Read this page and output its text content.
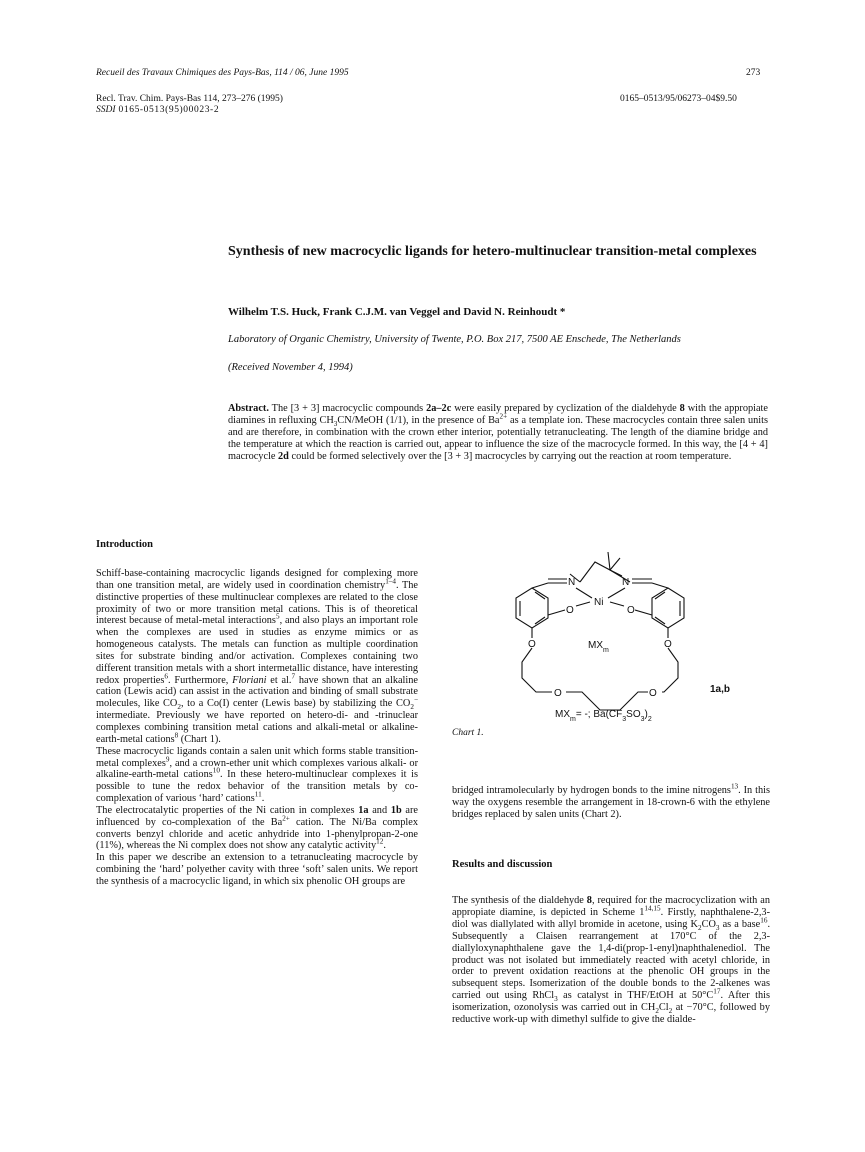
Recueil des Travaux Chimiques des Pays-Bas, 114 / 06, June 1995	273
Recl. Trav. Chim. Pays-Bas 114, 273–276 (1995)
SSDI 0165-0513(95)00023-2
0165–0513/95/06273–04$9.50
Synthesis of new macrocyclic ligands for hetero-multinuclear transition-metal complexes
Wilhelm T.S. Huck, Frank C.J.M. van Veggel and David N. Reinhoudt *
Laboratory of Organic Chemistry, University of Twente, P.O. Box 217, 7500 AE Enschede, The Netherlands
(Received November 4, 1994)
Abstract. The [3 + 3] macrocyclic compounds 2a–2c were easily prepared by cyclization of the dialdehyde 8 with the appropiate diamines in refluxing $CH_3CN$/MeOH (1/1), in the presence of $Ba^{2+}$ as a template ion. These macrocycles contain three salen units and are therefore, in combination with the crown ether interior, potentially tetranucleating. The length of the diamine bridge and the temperature at which the reaction is carried out, appear to influence the size of the macrocycle formed. In this way, the [4 + 4] macrocycle 2d could be formed selectively over the [3 + 3] macrocycles by carrying out the reaction at room temperature.
Introduction

Schiff-base-containing macrocyclic ligands designed for complexing more than one transition metal, are widely used in coordination chemistry$^{1-4}$. The distinctive properties of these multinuclear complexes are related to the close proximity of two or more transition metal cations. This is of theoretical interest because of metal-metal interactions$^5$, and also plays an important role when the complexes are used in studies as enzyme mimics or as homogeneous catalysts. The metals can function as multiple coordination sites for substrate binding and/or activation. Complexes containing two different transition metals with a short intermetallic distance, have interesting redox properties$^6$. Furthermore, Floriani et al.$^7$ have shown that an alkaline cation (Lewis acid) can assist in the activation and binding of small substrate molecules, like $CO_2$, to a Co(I) center (Lewis base) by stabilizing the $CO_2^-$ intermediate. Previously we have reported on hetero-di- and -trinuclear complexes combining transition metal cations and alkali-metal or alkaline-earth-metal cations$^8$ (Chart 1).

These macrocyclic ligands contain a salen unit which forms stable transition-metal complexes$^9$, and a crown-ether unit which complexes various alkali- or alkaline-earth-metal cations$^{10}$. In these hetero-multinuclear complexes it is possible to tune the redox behavior of the transition metals by co-complexation of various ‘hard’ cations$^{11}$.

The electrocatalytic properties of the Ni cation in complexes 1a and 1b are influenced by co-complexation of the $Ba^{2+}$ cation. The Ni/Ba complex converts benzyl chloride and acetic anhydride into 1-phenylpropan-2-one (11%), whereas the Ni complex does not show any catalytic activity$^{12}$.

In this paper we describe an extension to a tetranucleating macrocycle by combining the ‘hard’ polyether cavity with three ‘soft’ salen units. We report the synthesis of a macrocyclic ligand, in which six phenolic OH groups are

N	N
Ni
O	O
O	O
O	O
$MX_m$
1a,b
$MX_m=$ -; $Ba(CF_3SO_3)_2$
Chart 1.

bridged intramolecularly by hydrogen bonds to the imine nitrogens$^{13}$. In this way the oxygens resemble the arrangement in 18-crown-6 with the ethylene bridges replaced by salen units (Chart 2).

Results and discussion

The synthesis of the dialdehyde 8, required for the macrocyclization with an appropiate diamine, is depicted in Scheme 1$^{14,15}$. Firstly, naphthalene-2,3-diol was diallylated with allyl bromide in acetone, using $K_2CO_3$ as a base$^{16}$. Subsequently a Claisen rearrangement at 170°C of the 2,3-diallyloxynaphthalene gave the 1,4-di(prop-1-enyl)naphthalenediol. The product was not isolated but immediately reacted with acetyl chloride, in order to prevent oxidation reactions at the phenolic OH groups in the subsequent steps. Isomerization of the double bonds to the 2-alkenes was carried out using RhCl$_3$ as catalyst in THF/EtOH at $50^\circ C^{17}$. After this isomerization, ozonolysis was carried out in $CH_2Cl_2$ at −70°C, followed by reductive work-up with dimethyl sulfide to give the dialde-
